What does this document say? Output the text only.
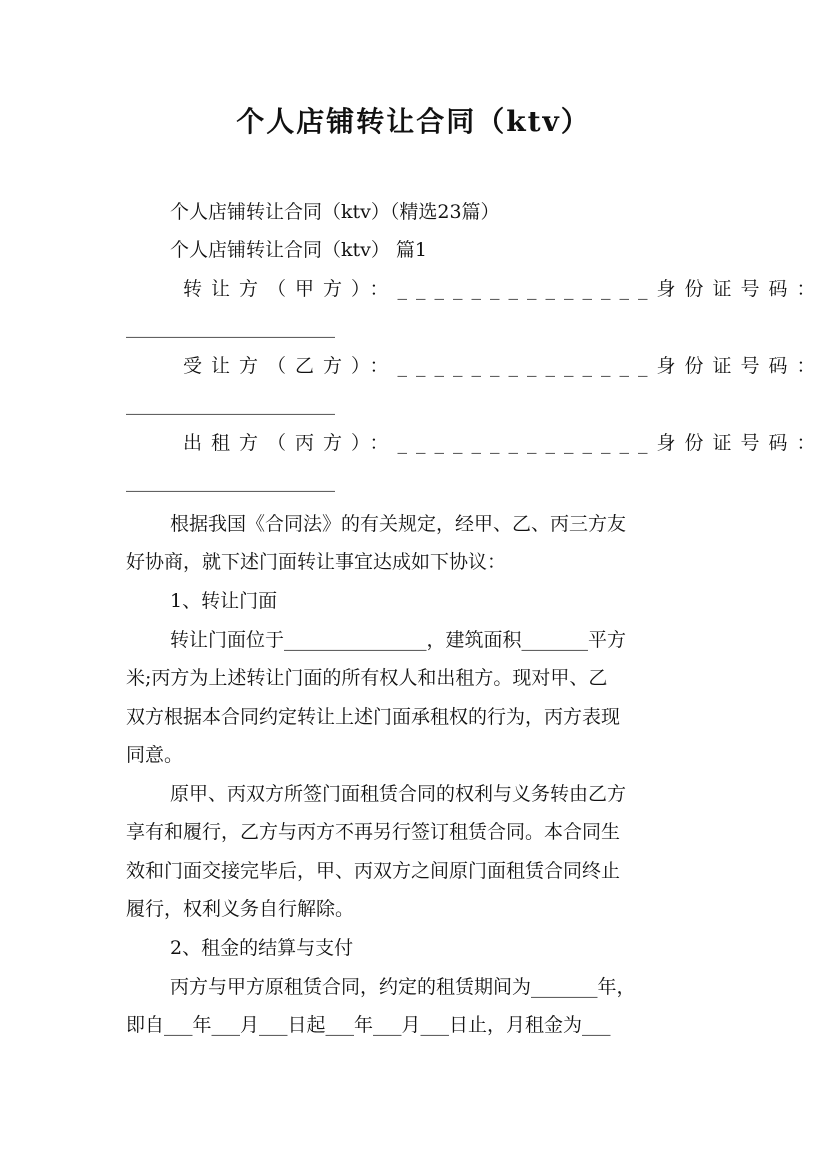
个人店铺转让合同（ktv）
个人店铺转让合同（ktv）（精选23篇）
个人店铺转让合同（ktv） 篇1
转让方（甲方）：______________身份证号码：
______________________
受让方（乙方）：______________身份证号码：
______________________
出租方（丙方）：______________身份证号码：
______________________
根据我国《合同法》的有关规定，经甲、乙、丙三方友
好协商，就下述门面转让事宜达成如下协议：
1、转让门面
转让门面位于_______________，建筑面积_______平方
米;丙方为上述转让门面的所有权人和出租方。现对甲、乙
双方根据本合同约定转让上述门面承租权的行为，丙方表现
同意。
原甲、丙双方所签门面租赁合同的权利与义务转由乙方
享有和履行，乙方与丙方不再另行签订租赁合同。本合同生
效和门面交接完毕后，甲、丙双方之间原门面租赁合同终止
履行，权利义务自行解除。
2、租金的结算与支付
丙方与甲方原租赁合同，约定的租赁期间为_______年，
即自___年___月___日起___年___月___日止，月租金为___
